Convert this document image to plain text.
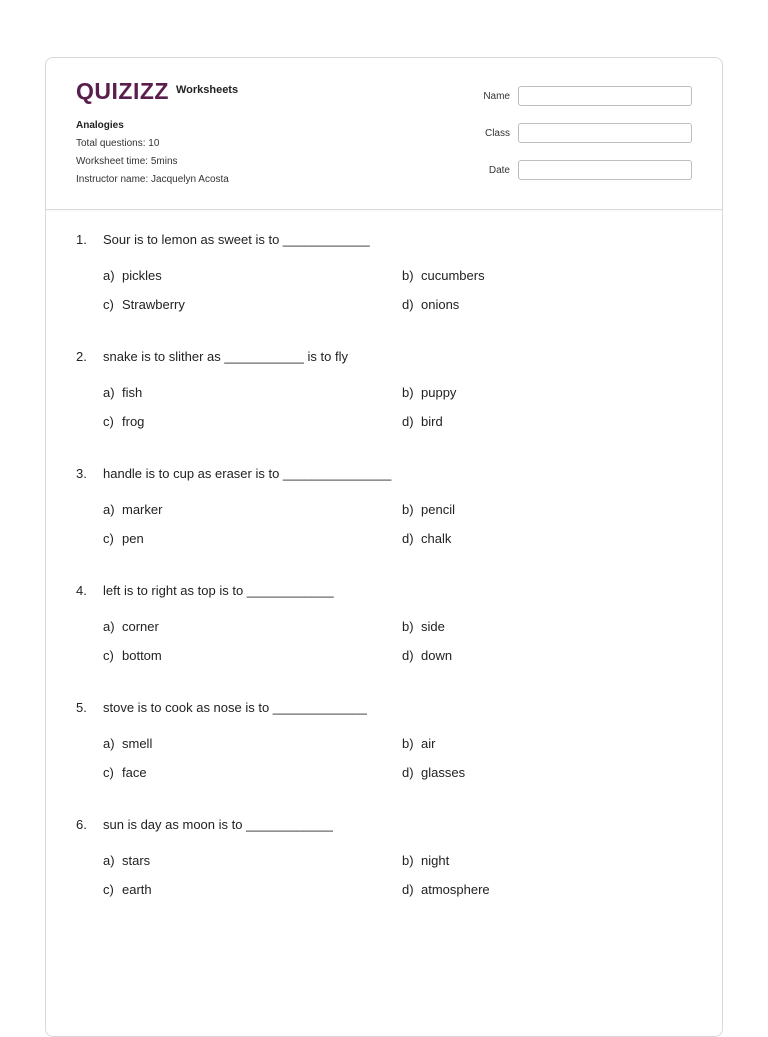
QUIZIZZ Worksheets
Analogies
Total questions: 10
Worksheet time: 5mins
Instructor name: Jacquelyn Acosta
Name
Class
Date
1.	Sour is to lemon as sweet is to ____________
a) pickles	b) cucumbers
c) Strawberry	d) onions
2.	snake is to slither as ___________ is to fly
a) fish	b) puppy
c) frog	d) bird
3.	handle is to cup as eraser is to _______________
a) marker	b) pencil
c) pen	d) chalk
4.	left is to right as top is to ____________
a) corner	b) side
c) bottom	d) down
5.	stove is to cook as nose is to _____________
a) smell	b) air
c) face	d) glasses
6.	sun is day as moon is to ____________
a) stars	b) night
c) earth	d) atmosphere
